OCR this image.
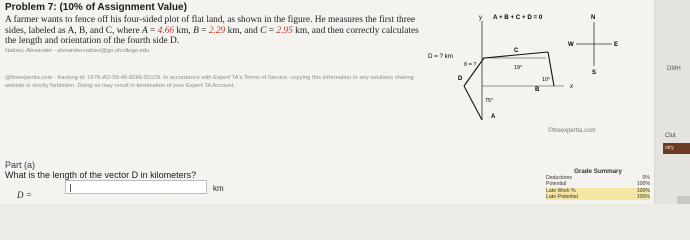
Problem 7: (10% of Assignment Value)
A farmer wants to fence off his four-sided plot of flat land, as shown in the figure. He measures the first three sides, labeled as A, B, and C, where A = 4.66 km, B = 2.29 km, and C = 2.95 km, and then correctly calculates the length and orientation of the fourth side D.
Nabavi, Alexander - alexander.nabavi@go.sfcollege.edu
@theexpertta.com - tracking id: 1F76-AD-59-46-8266-55129. In accordance with Expert TA's Terms of Service. copying this information to any solutions sharing website is strictly forbidden. Doing so may result in termination of your Expert TA Account.
y A + B + C + D = 0	N
W	E
S
x
D = ? km
θ = ?
D
C
19°
10°
75°
B
A
©theexpertta.com
Part (a)
What is the length of the vector D in kilometers?
D =
km
Grade Summary
Deductions	0%
Potential	100%
Late Work %	100%
Late Potential	100%
DMH
Clut
stry
